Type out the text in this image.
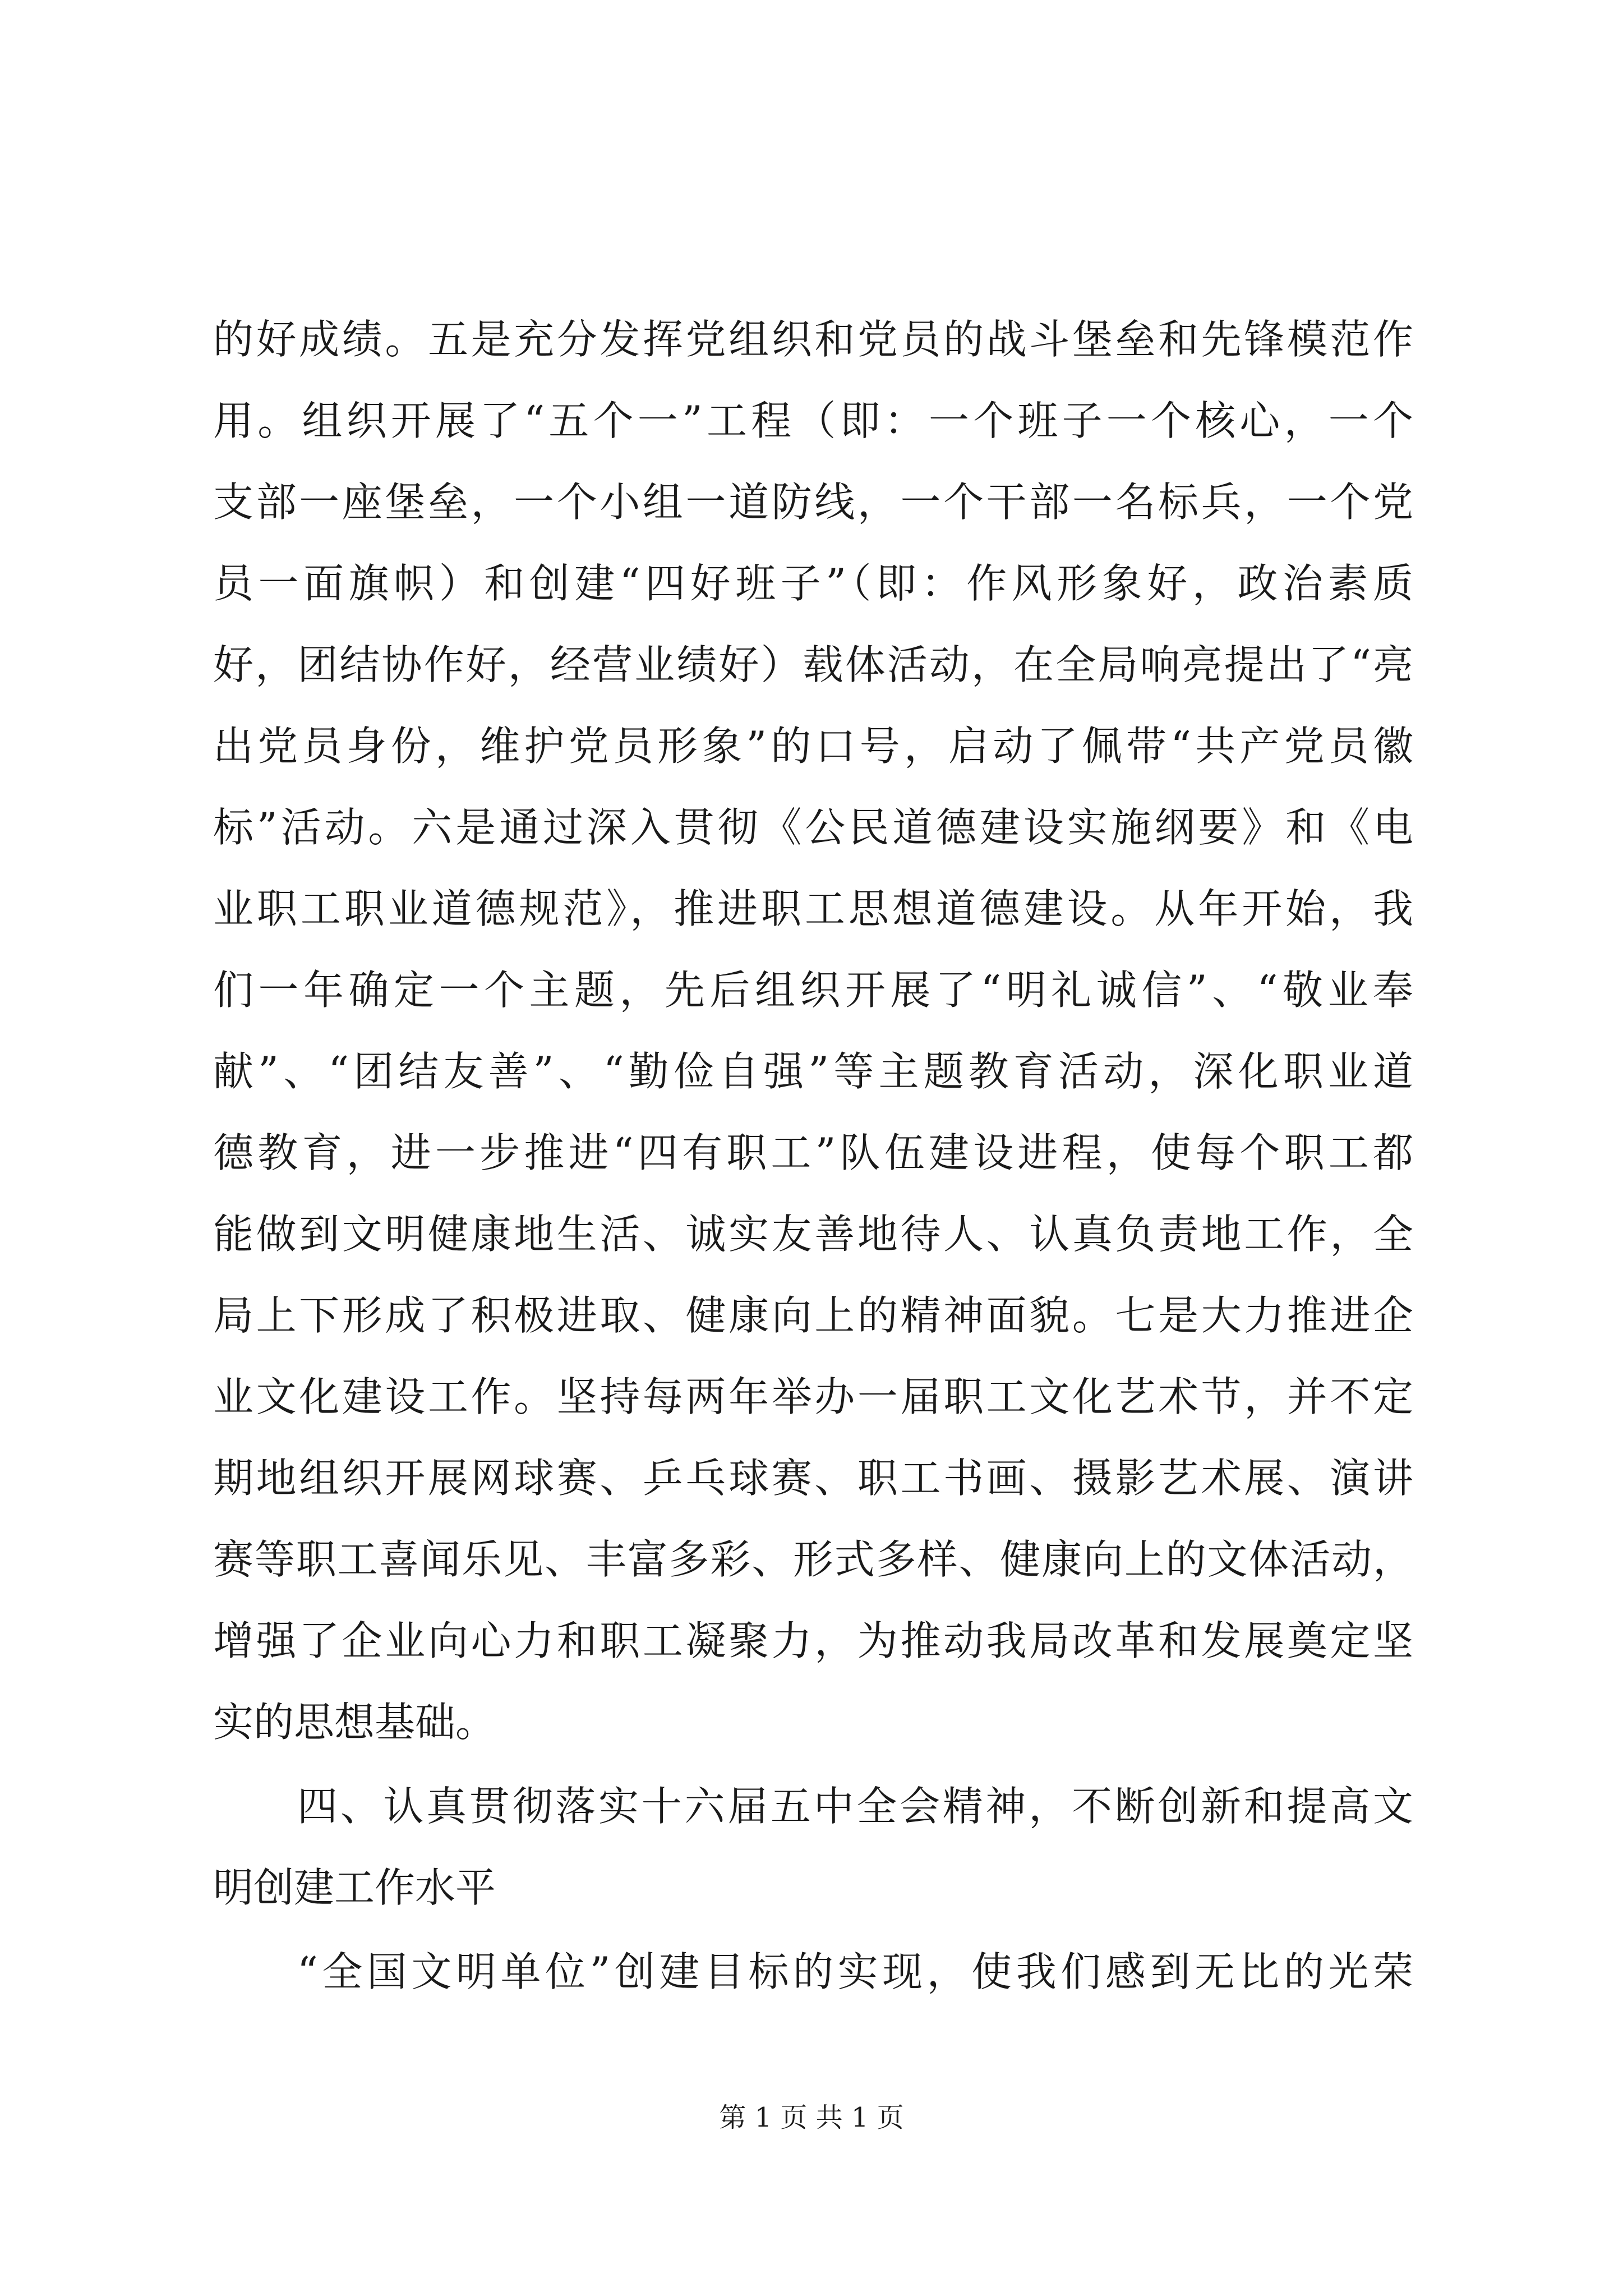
的好成绩。五是充分发挥党组织和党员的战斗堡垒和先锋模范作
用。组织开展了“五个一”工程（即：一个班子一个核心，一个
支部一座堡垒，一个小组一道防线，一个干部一名标兵，一个党
员一面旗帜）和创建“四好班子”（即：作风形象好，政治素质
好，团结协作好，经营业绩好）载体活动，在全局响亮提出了“亮
出党员身份，维护党员形象”的口号，启动了佩带“共产党员徽
标”活动。六是通过深入贯彻《公民道德建设实施纲要》和《电
业职工职业道德规范》，推进职工思想道德建设。从年开始，我
们一年确定一个主题，先后组织开展了“明礼诚信”、“敬业奉
献”、“团结友善”、“勤俭自强”等主题教育活动，深化职业道
德教育，进一步推进“四有职工”队伍建设进程，使每个职工都
能做到文明健康地生活、诚实友善地待人、认真负责地工作，全
局上下形成了积极进取、健康向上的精神面貌。七是大力推进企
业文化建设工作。坚持每两年举办一届职工文化艺术节，并不定
期地组织开展网球赛、乒乓球赛、职工书画、摄影艺术展、演讲
赛等职工喜闻乐见、丰富多彩、形式多样、健康向上的文体活动，
增强了企业向心力和职工凝聚力，为推动我局改革和发展奠定坚
实的思想基础。
四、认真贯彻落实十六届五中全会精神，不断创新和提高文
明创建工作水平
“全国文明单位”创建目标的实现，使我们感到无比的光荣
第 1 页 共 1 页
